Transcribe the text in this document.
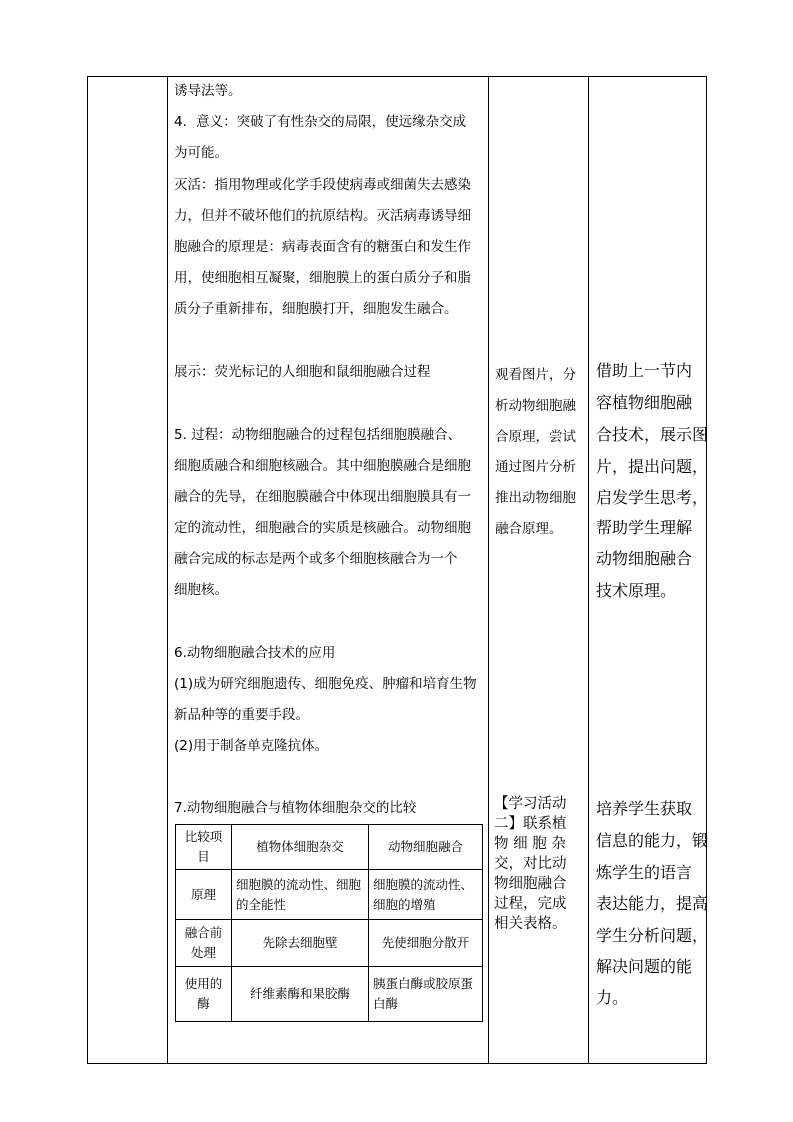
诱导法等。
4．意义：突破了有性杂交的局限，使远缘杂交成
为可能。
灭活：指用物理或化学手段使病毒或细菌失去感染
力，但并不破坏他们的抗原结构。灭活病毒诱导细
胞融合的原理是：病毒表面含有的糖蛋白和发生作
用，使细胞相互凝聚，细胞膜上的蛋白质分子和脂
质分子重新排布，细胞膜打开，细胞发生融合。
展示：荧光标记的人细胞和鼠细胞融合过程
5. 过程：动物细胞融合的过程包括细胞膜融合、
细胞质融合和细胞核融合。其中细胞膜融合是细胞
融合的先导，在细胞膜融合中体现出细胞膜具有一
定的流动性，细胞融合的实质是核融合。动物细胞
融合完成的标志是两个或多个细胞核融合为一个
细胞核。
6.动物细胞融合技术的应用
(1)成为研究细胞遗传、细胞免疫、肿瘤和培育生物
新品种等的重要手段。
(2)用于制备单克隆抗体。
7.动物细胞融合与植物体细胞杂交的比较
比较项目	植物体细胞杂交	动物细胞融合
原理	细胞膜的流动性、细胞的全能性	细胞膜的流动性、细胞的增殖
融合前处理	先除去细胞壁	先使细胞分散开
使用的酶	纤维素酶和果胶酶	胰蛋白酶或胶原蛋白酶
观看图片，分
析动物细胞融
合原理，尝试
通过图片分析
推出动物细胞
融合原理。
【学习活动
二】联系植
物 细 胞 杂
交，对比动
物细胞融合
过程，完成
相关表格。
借助上一节内
容植物细胞融
合技术，展示图
片，提出问题，
启发学生思考，
帮助学生理解
动物细胞融合
技术原理。
培养学生获取
信息的能力，锻
炼学生的语言
表达能力，提高
学生分析问题，
解决问题的能
力。
